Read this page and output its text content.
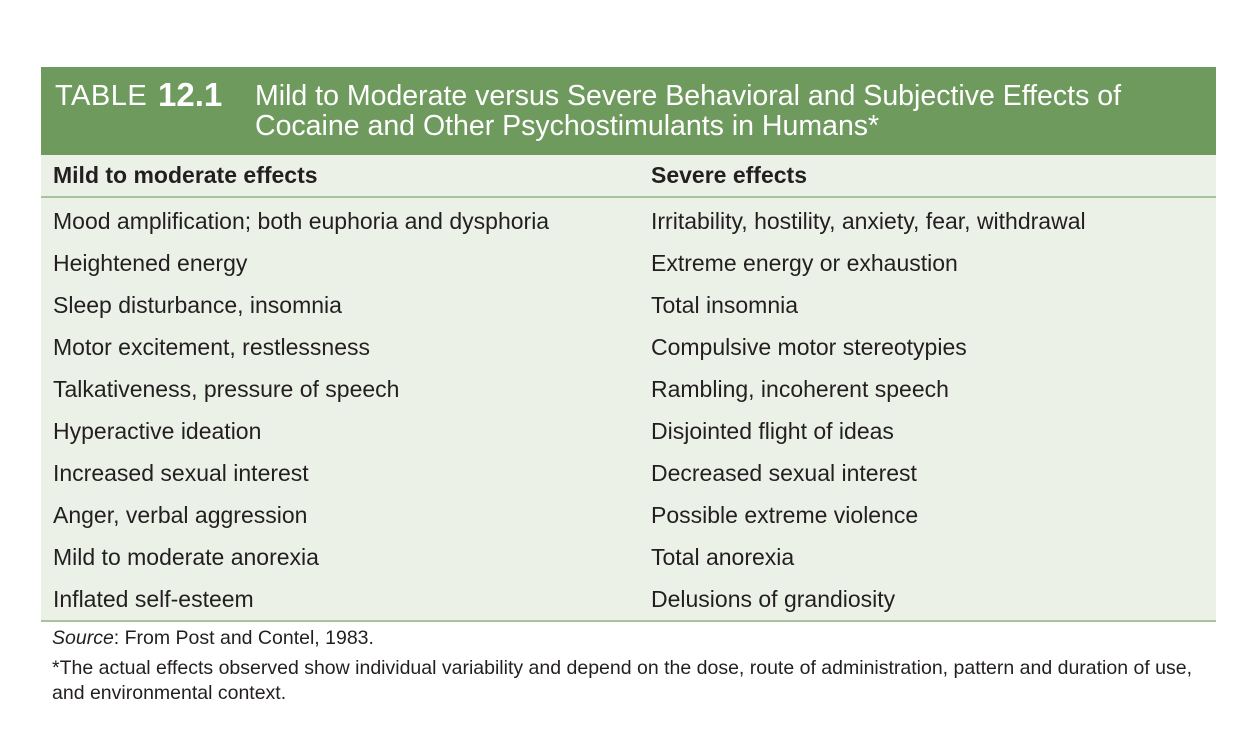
TABLE 12.1 Mild to Moderate versus Severe Behavioral and Subjective Effects of Cocaine and Other Psychostimulants in Humans*
Mild to moderate effects	Severe effects
Mood amplification; both euphoria and dysphoria	Irritability, hostility, anxiety, fear, withdrawal
Heightened energy	Extreme energy or exhaustion
Sleep disturbance, insomnia	Total insomnia
Motor excitement, restlessness	Compulsive motor stereotypies
Talkativeness, pressure of speech	Rambling, incoherent speech
Hyperactive ideation	Disjointed flight of ideas
Increased sexual interest	Decreased sexual interest
Anger, verbal aggression	Possible extreme violence
Mild to moderate anorexia	Total anorexia
Inflated self-esteem	Delusions of grandiosity
Source: From Post and Contel, 1983.
*The actual effects observed show individual variability and depend on the dose, route of administration, pattern and duration of use, and environmental context.
